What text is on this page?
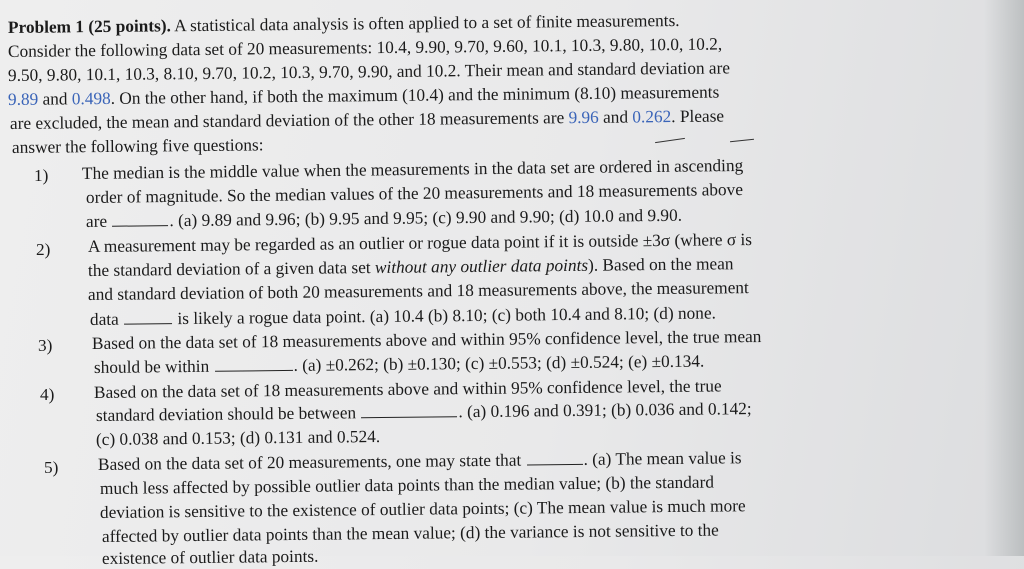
Problem 1 (25 points). A statistical data analysis is often applied to a set of finite measurements.
Consider the following data set of 20 measurements: 10.4, 9.90, 9.70, 9.60, 10.1, 10.3, 9.80, 10.0, 10.2,
9.50, 9.80, 10.1, 10.3, 8.10, 9.70, 10.2, 10.3, 9.70, 9.90, and 10.2. Their mean and standard deviation are
9.89 and 0.498. On the other hand, if both the maximum (10.4) and the minimum (8.10) measurements
are excluded, the mean and standard deviation of the other 18 measurements are 9.96 and 0.262. Please
answer the following five questions:
1) The median is the middle value when the measurements in the data set are ordered in ascending
order of magnitude. So the median values of the 20 measurements and 18 measurements above
are	. (a) 9.89 and 9.96; (b) 9.95 and 9.95; (c) 9.90 and 9.90; (d) 10.0 and 9.90.
2) A measurement may be regarded as an outlier or rogue data point if it is outside ±3σ (where σ is
the standard deviation of a given data set without any outlier data points). Based on the mean
and standard deviation of both 20 measurements and 18 measurements above, the measurement
data	is likely a rogue data point. (a) 10.4 (b) 8.10; (c) both 10.4 and 8.10; (d) none.
3) Based on the data set of 18 measurements above and within 95% confidence level, the true mean
should be within	. (a) ±0.262; (b) ±0.130; (c) ±0.553; (d) ±0.524; (e) ±0.134.
4) Based on the data set of 18 measurements above and within 95% confidence level, the true
standard deviation should be between	. (a) 0.196 and 0.391; (b) 0.036 and 0.142;
(c) 0.038 and 0.153; (d) 0.131 and 0.524.
5) Based on the data set of 20 measurements, one may state that	. (a) The mean value is
much less affected by possible outlier data points than the median value; (b) the standard
deviation is sensitive to the existence of outlier data points; (c) The mean value is much more
affected by outlier data points than the mean value; (d) the variance is not sensitive to the
existence of outlier data points.
